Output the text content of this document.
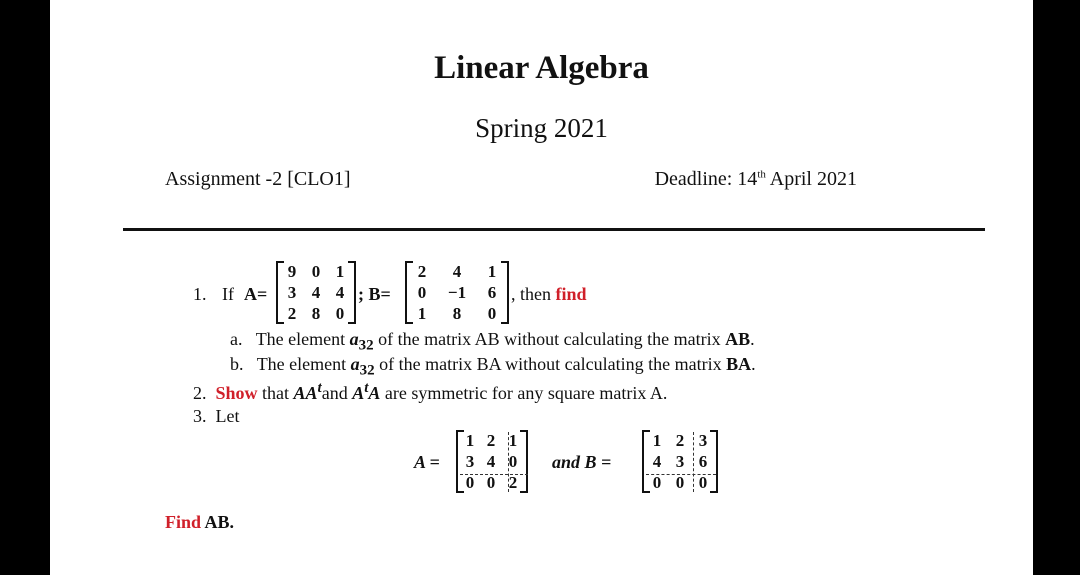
Linear Algebra
Spring 2021
Assignment -2 [CLO1]	Deadline: 14th April 2021
1. If A=
9 0 1
3 4 4
2 8 0
; B=
2	4	1
0	−1	6
1	8	0
, then find
a. The element $a_{32}$ of the matrix AB without calculating the matrix AB.
b. The element $a_{32}$ of the matrix BA without calculating the matrix BA.
2. Show that $AA^tand$ $A^tA$ are symmetric for any square matrix A.
3. Let
A =
1 2 1
3 4 0
0 0 2
and B =
1 2 3
4 3 6
0 0 0
Find AB.
